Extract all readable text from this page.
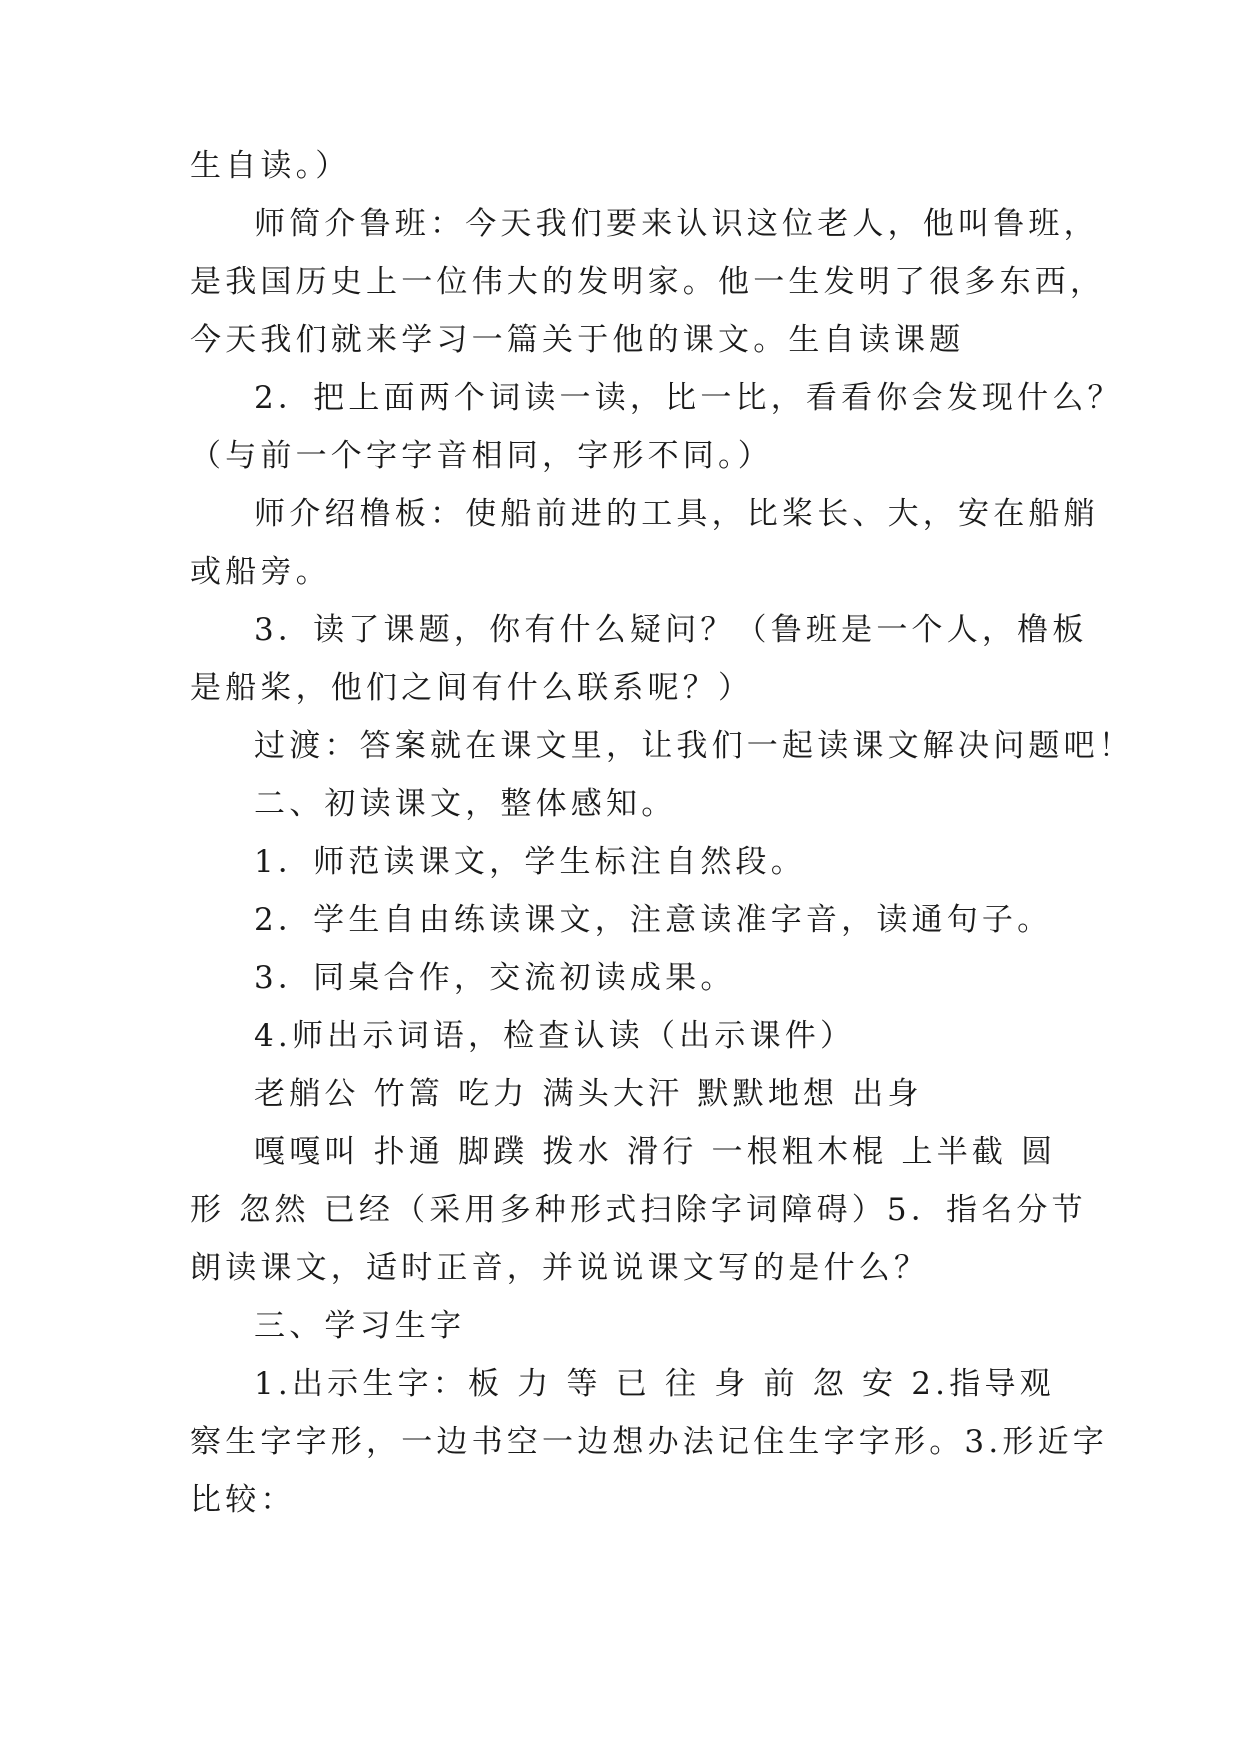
生自读。）
师简介鲁班：今天我们要来认识这位老人，他叫鲁班，
是我国历史上一位伟大的发明家。他一生发明了很多东西，
今天我们就来学习一篇关于他的课文。生自读课题
2．把上面两个词读一读，比一比，看看你会发现什么？
（与前一个字字音相同，字形不同。）
师介绍橹板：使船前进的工具，比桨长、大，安在船艄
或船旁。
3．读了课题，你有什么疑问？（鲁班是一个人，橹板
是船桨，他们之间有什么联系呢？）
过渡：答案就在课文里，让我们一起读课文解决问题吧！
二、初读课文，整体感知。
1．师范读课文，学生标注自然段。
2．学生自由练读课文，注意读准字音，读通句子。
3．同桌合作，交流初读成果。
4.师出示词语，检查认读（出示课件）
老艄公 竹篙 吃力 满头大汗 默默地想 出身
嘎嘎叫 扑通 脚蹼 拨水 滑行 一根粗木棍 上半截 圆
形 忽然 已经（采用多种形式扫除字词障碍）5．指名分节
朗读课文，适时正音，并说说课文写的是什么？
三、学习生字
1.出示生字：板 力 等 已 往 身 前 忽 安 2.指导观
察生字字形，一边书空一边想办法记住生字字形。3.形近字
比较：
